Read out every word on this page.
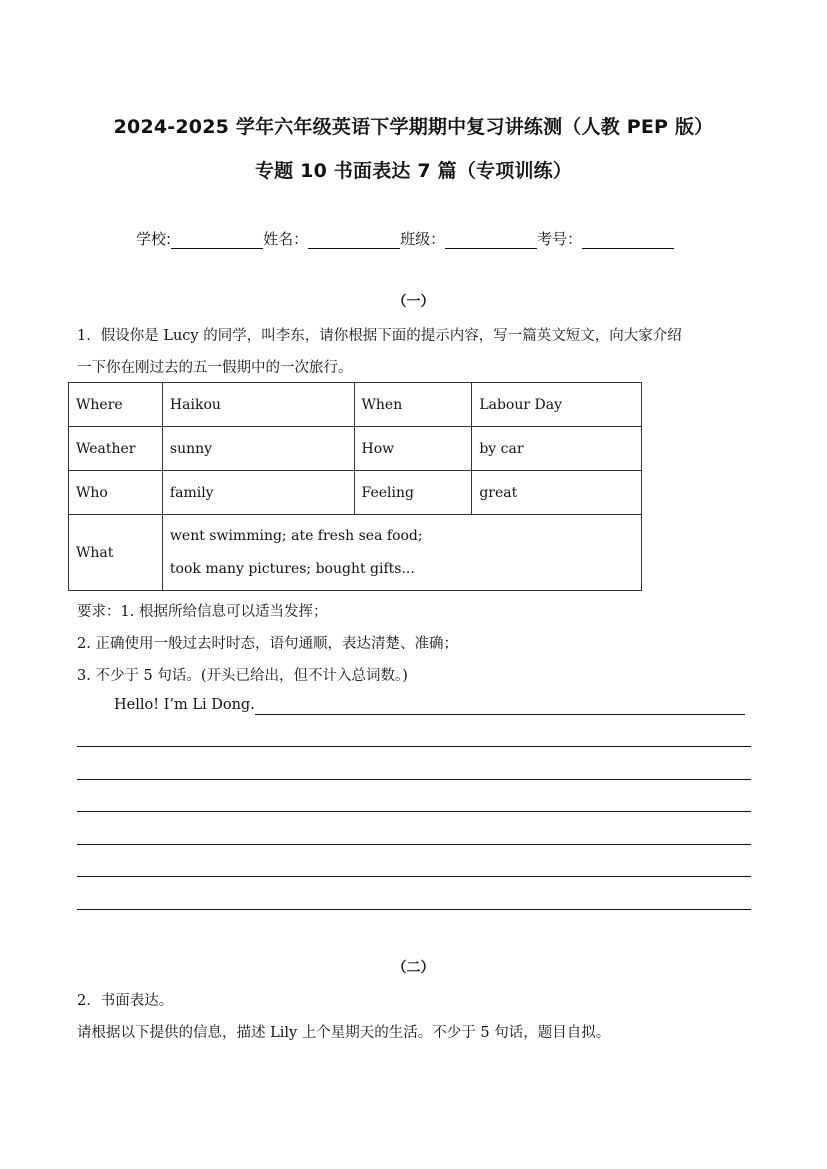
2024-2025 学年六年级英语下学期期中复习讲练测（人教 PEP 版）
专题 10 书面表达 7 篇（专项训练）
学校:	姓名：	班级：	考号：
（一）
1．假设你是 Lucy 的同学，叫李东，请你根据下面的提示内容，写一篇英文短文，向大家介绍
一下你在刚过去的五一假期中的一次旅行。
Where	Haikou	When	Labour Day
Weather	sunny	How	by car
Who	family	Feeling	great
What	went swimming; ate fresh sea food;
took many pictures; bought gifts...		
要求：1. 根据所给信息可以适当发挥；
2. 正确使用一般过去时时态，语句通顺，表达清楚、准确；
3. 不少于 5 句话。(开头已给出，但不计入总词数。)
Hello! I’m Li Dong.
（二）
2．书面表达。
请根据以下提供的信息，描述 Lily 上个星期天的生活。不少于 5 句话，题目自拟。
